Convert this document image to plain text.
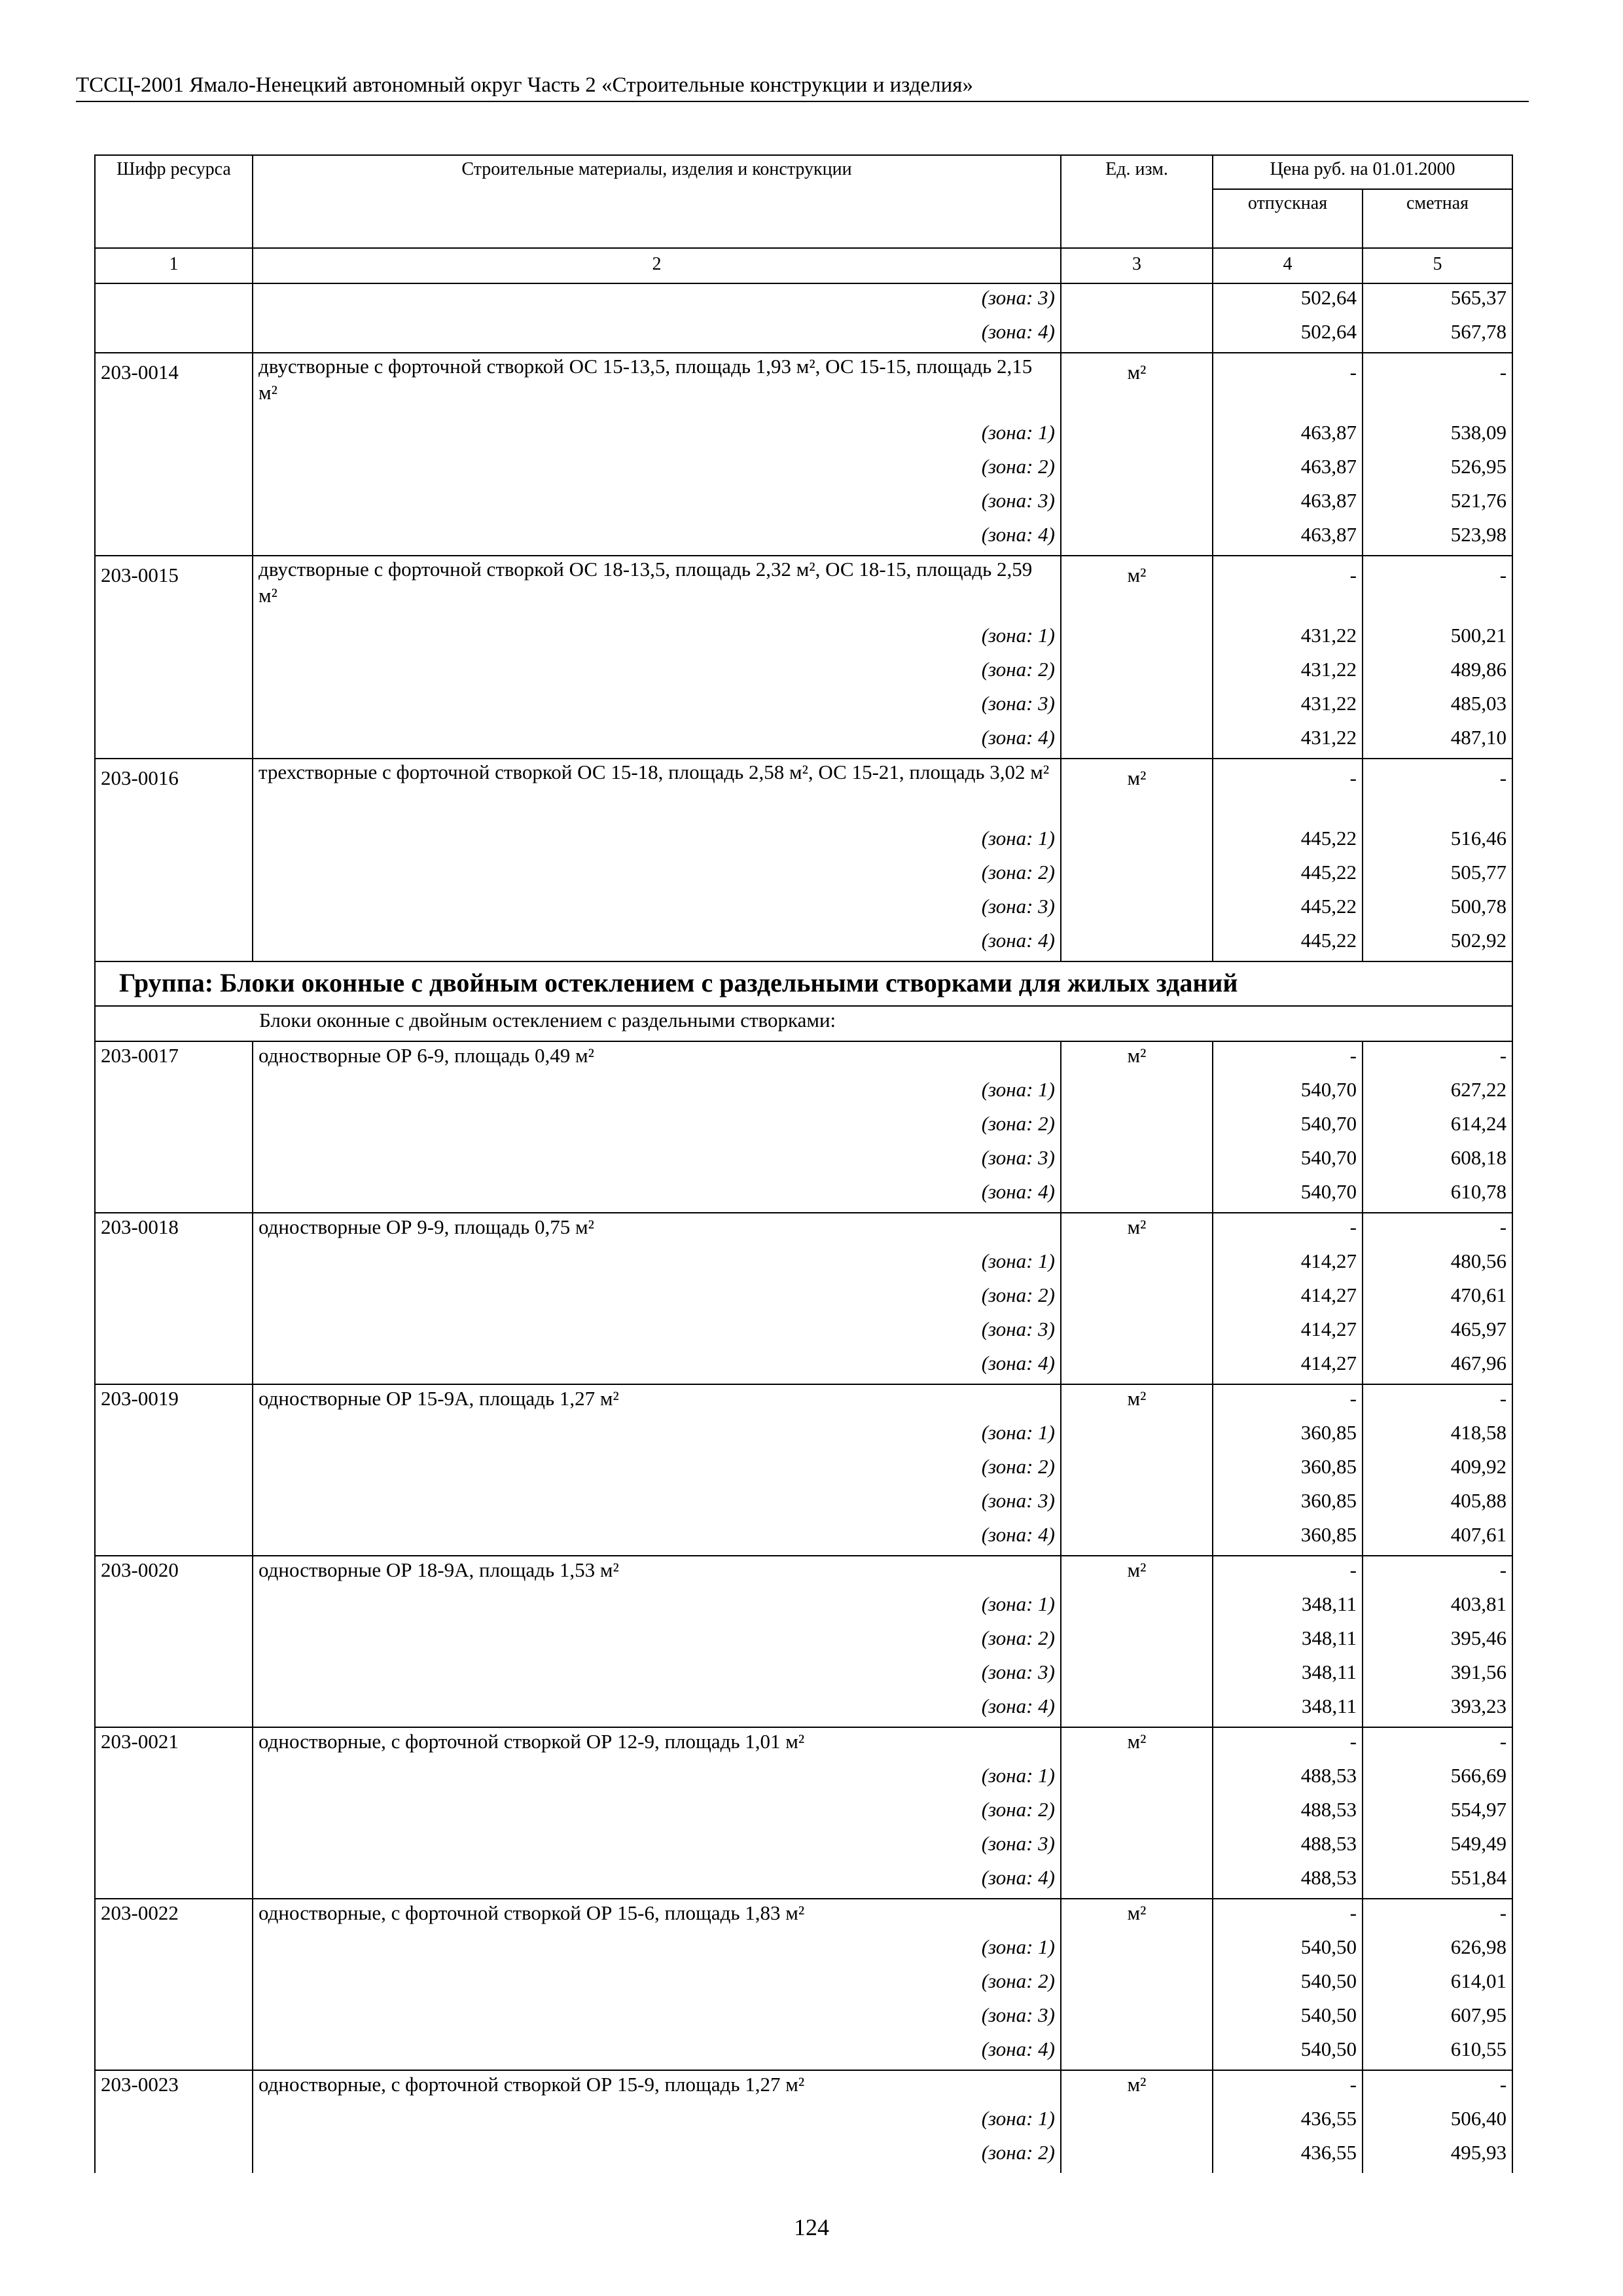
ТССЦ-2001 Ямало-Ненецкий автономный округ Часть 2 «Строительные конструкции и изделия»
Шифр ресурса	Строительные материалы, изделия и конструкции	Ед. изм.	Цена руб. на 01.01.2000	
			отпускная	сметная
1	2	3	4	5
	(зона: 3)		502,64	565,37
	(зона: 4)		502,64	567,78
203-0014	двустворные с форточной створкой ОС 15-13,5, площадь 1,93 м², ОС 15-15, площадь 2,15 м²	м²	-	-
	(зона: 1)		463,87	538,09
	(зона: 2)		463,87	526,95
	(зона: 3)		463,87	521,76
	(зона: 4)		463,87	523,98
203-0015	двустворные с форточной створкой ОС 18-13,5, площадь 2,32 м², ОС 18-15, площадь 2,59 м²	м²	-	-
	(зона: 1)		431,22	500,21
	(зона: 2)		431,22	489,86
	(зона: 3)		431,22	485,03
	(зона: 4)		431,22	487,10
203-0016	трехстворные с форточной створкой ОС 15-18, площадь 2,58 м², ОС 15-21, площадь 3,02 м²	м²	-	-
	(зона: 1)		445,22	516,46
	(зона: 2)		445,22	505,77
	(зона: 3)		445,22	500,78
	(зона: 4)		445,22	502,92
Группа: Блоки оконные с двойным остеклением с раздельными створками для жилых зданий				
Блоки оконные с двойным остеклением с раздельными створками:				
203-0017	одностворные ОР 6-9, площадь 0,49 м²	м²	-	-
	(зона: 1)		540,70	627,22
	(зона: 2)		540,70	614,24
	(зона: 3)		540,70	608,18
	(зона: 4)		540,70	610,78
203-0018	одностворные ОР 9-9, площадь 0,75 м²	м²	-	-
	(зона: 1)		414,27	480,56
	(зона: 2)		414,27	470,61
	(зона: 3)		414,27	465,97
	(зона: 4)		414,27	467,96
203-0019	одностворные ОР 15-9А, площадь 1,27 м²	м²	-	-
	(зона: 1)		360,85	418,58
	(зона: 2)		360,85	409,92
	(зона: 3)		360,85	405,88
	(зона: 4)		360,85	407,61
203-0020	одностворные ОР 18-9А, площадь 1,53 м²	м²	-	-
	(зона: 1)		348,11	403,81
	(зона: 2)		348,11	395,46
	(зона: 3)		348,11	391,56
	(зона: 4)		348,11	393,23
203-0021	одностворные, с форточной створкой ОР 12-9, площадь 1,01 м²	м²	-	-
	(зона: 1)		488,53	566,69
	(зона: 2)		488,53	554,97
	(зона: 3)		488,53	549,49
	(зона: 4)		488,53	551,84
203-0022	одностворные, с форточной створкой ОР 15-6, площадь 1,83 м²	м²	-	-
	(зона: 1)		540,50	626,98
	(зона: 2)		540,50	614,01
	(зона: 3)		540,50	607,95
	(зона: 4)		540,50	610,55
203-0023	одностворные, с форточной створкой ОР 15-9, площадь 1,27 м²	м²	-	-
	(зона: 1)		436,55	506,40
	(зона: 2)		436,55	495,93
124
